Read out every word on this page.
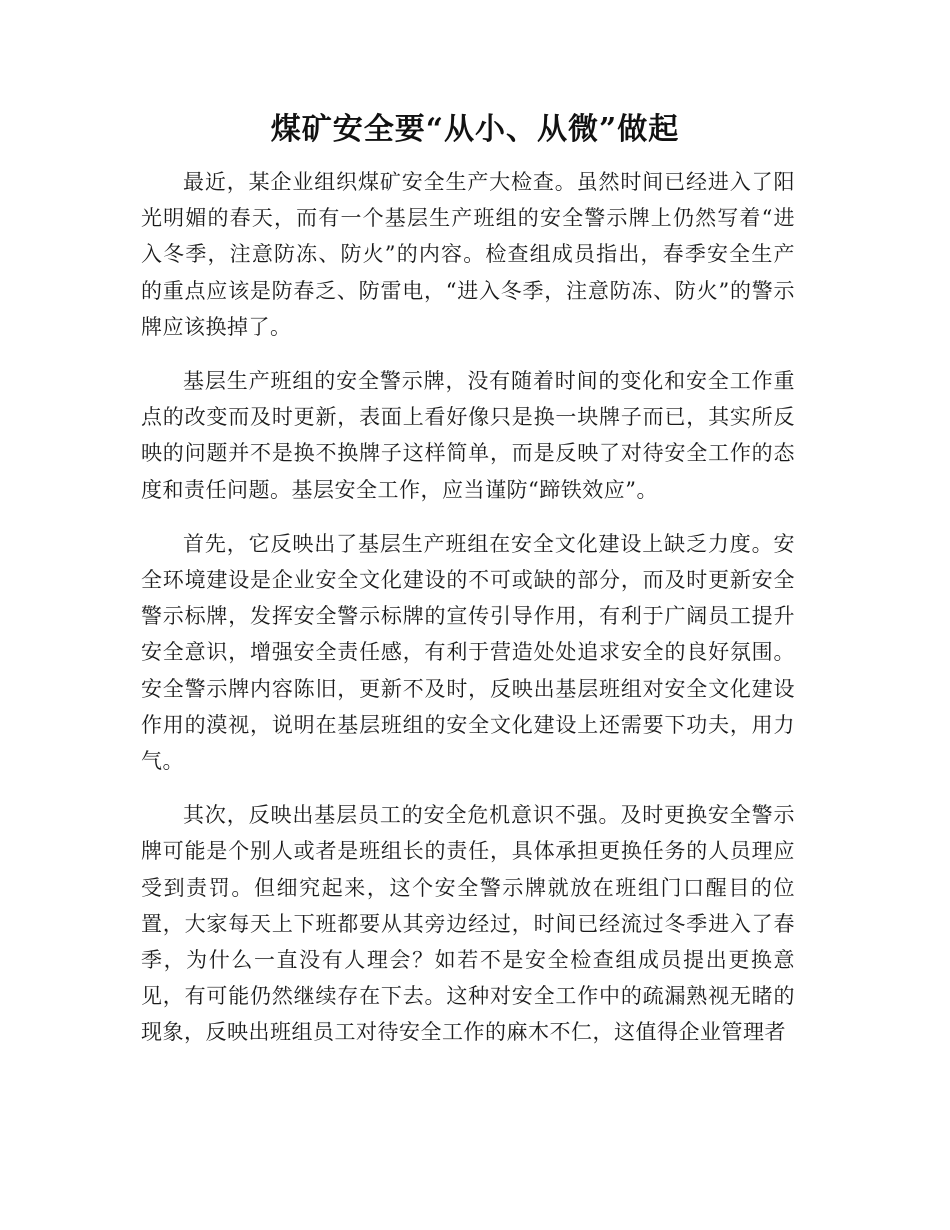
煤矿安全要“从小、从微”做起

最近，某企业组织煤矿安全生产大检查。虽然时间已经进入了阳光明媚的春天，而有一个基层生产班组的安全警示牌上仍然写着“进入冬季，注意防冻、防火”的内容。检查组成员指出，春季安全生产的重点应该是防春乏、防雷电，“进入冬季，注意防冻、防火”的警示牌应该换掉了。

基层生产班组的安全警示牌，没有随着时间的变化和安全工作重点的改变而及时更新，表面上看好像只是换一块牌子而已，其实所反映的问题并不是换不换牌子这样简单，而是反映了对待安全工作的态度和责任问题。基层安全工作，应当谨防“蹄铁效应”。

首先，它反映出了基层生产班组在安全文化建设上缺乏力度。安全环境建设是企业安全文化建设的不可或缺的部分，而及时更新安全警示标牌，发挥安全警示标牌的宣传引导作用，有利于广阔员工提升安全意识，增强安全责任感，有利于营造处处追求安全的良好氛围。安全警示牌内容陈旧，更新不及时，反映出基层班组对安全文化建设作用的漠视，说明在基层班组的安全文化建设上还需要下功夫，用力气。

其次，反映出基层员工的安全危机意识不强。及时更换安全警示牌可能是个别人或者是班组长的责任，具体承担更换任务的人员理应受到责罚。但细究起来，这个安全警示牌就放在班组门口醒目的位置，大家每天上下班都要从其旁边经过，时间已经流过冬季进入了春季，为什么一直没有人理会？如若不是安全检查组成员提出更换意见，有可能仍然继续存在下去。这种对安全工作中的疏漏熟视无睹的现象，反映出班组员工对待安全工作的麻木不仁，这值得企业管理者
